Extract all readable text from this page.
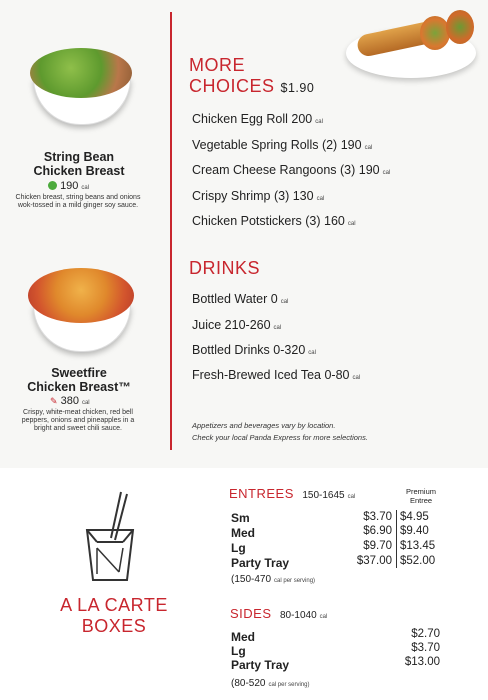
String Bean
Chicken Breast
190 cal
Chicken breast, string beans and onions wok-tossed in a mild ginger soy sauce.
Sweetfire
Chicken Breast™
✎ 380 cal
Crispy, white-meat chicken, red bell peppers, onions and pineapples in a bright and sweet chili sauce.
MORE
CHOICES $1.90
Chicken Egg Roll 200 cal
Vegetable Spring Rolls (2) 190 cal
Cream Cheese Rangoons (3) 190 cal
Crispy Shrimp (3) 130 cal
Chicken Potstickers (3) 160 cal
DRINKS
Bottled Water 0 cal
Juice 210-260 cal
Bottled Drinks 0-320 cal
Fresh-Brewed Iced Tea 0-80 cal
Appetizers and beverages vary by location.
Check your local Panda Express for more selections.
A LA CARTE
BOXES
ENTREES 150-1645 cal
Premium
Entree
Sm
Med
Lg
Party Tray
$3.70
$6.90
$9.70
$37.00
$4.95
$9.40
$13.45
$52.00
(150-470 cal per serving)
SIDES 80-1040 cal
Med
Lg
Party Tray
$2.70
$3.70
$13.00
(80-520 cal per serving)
